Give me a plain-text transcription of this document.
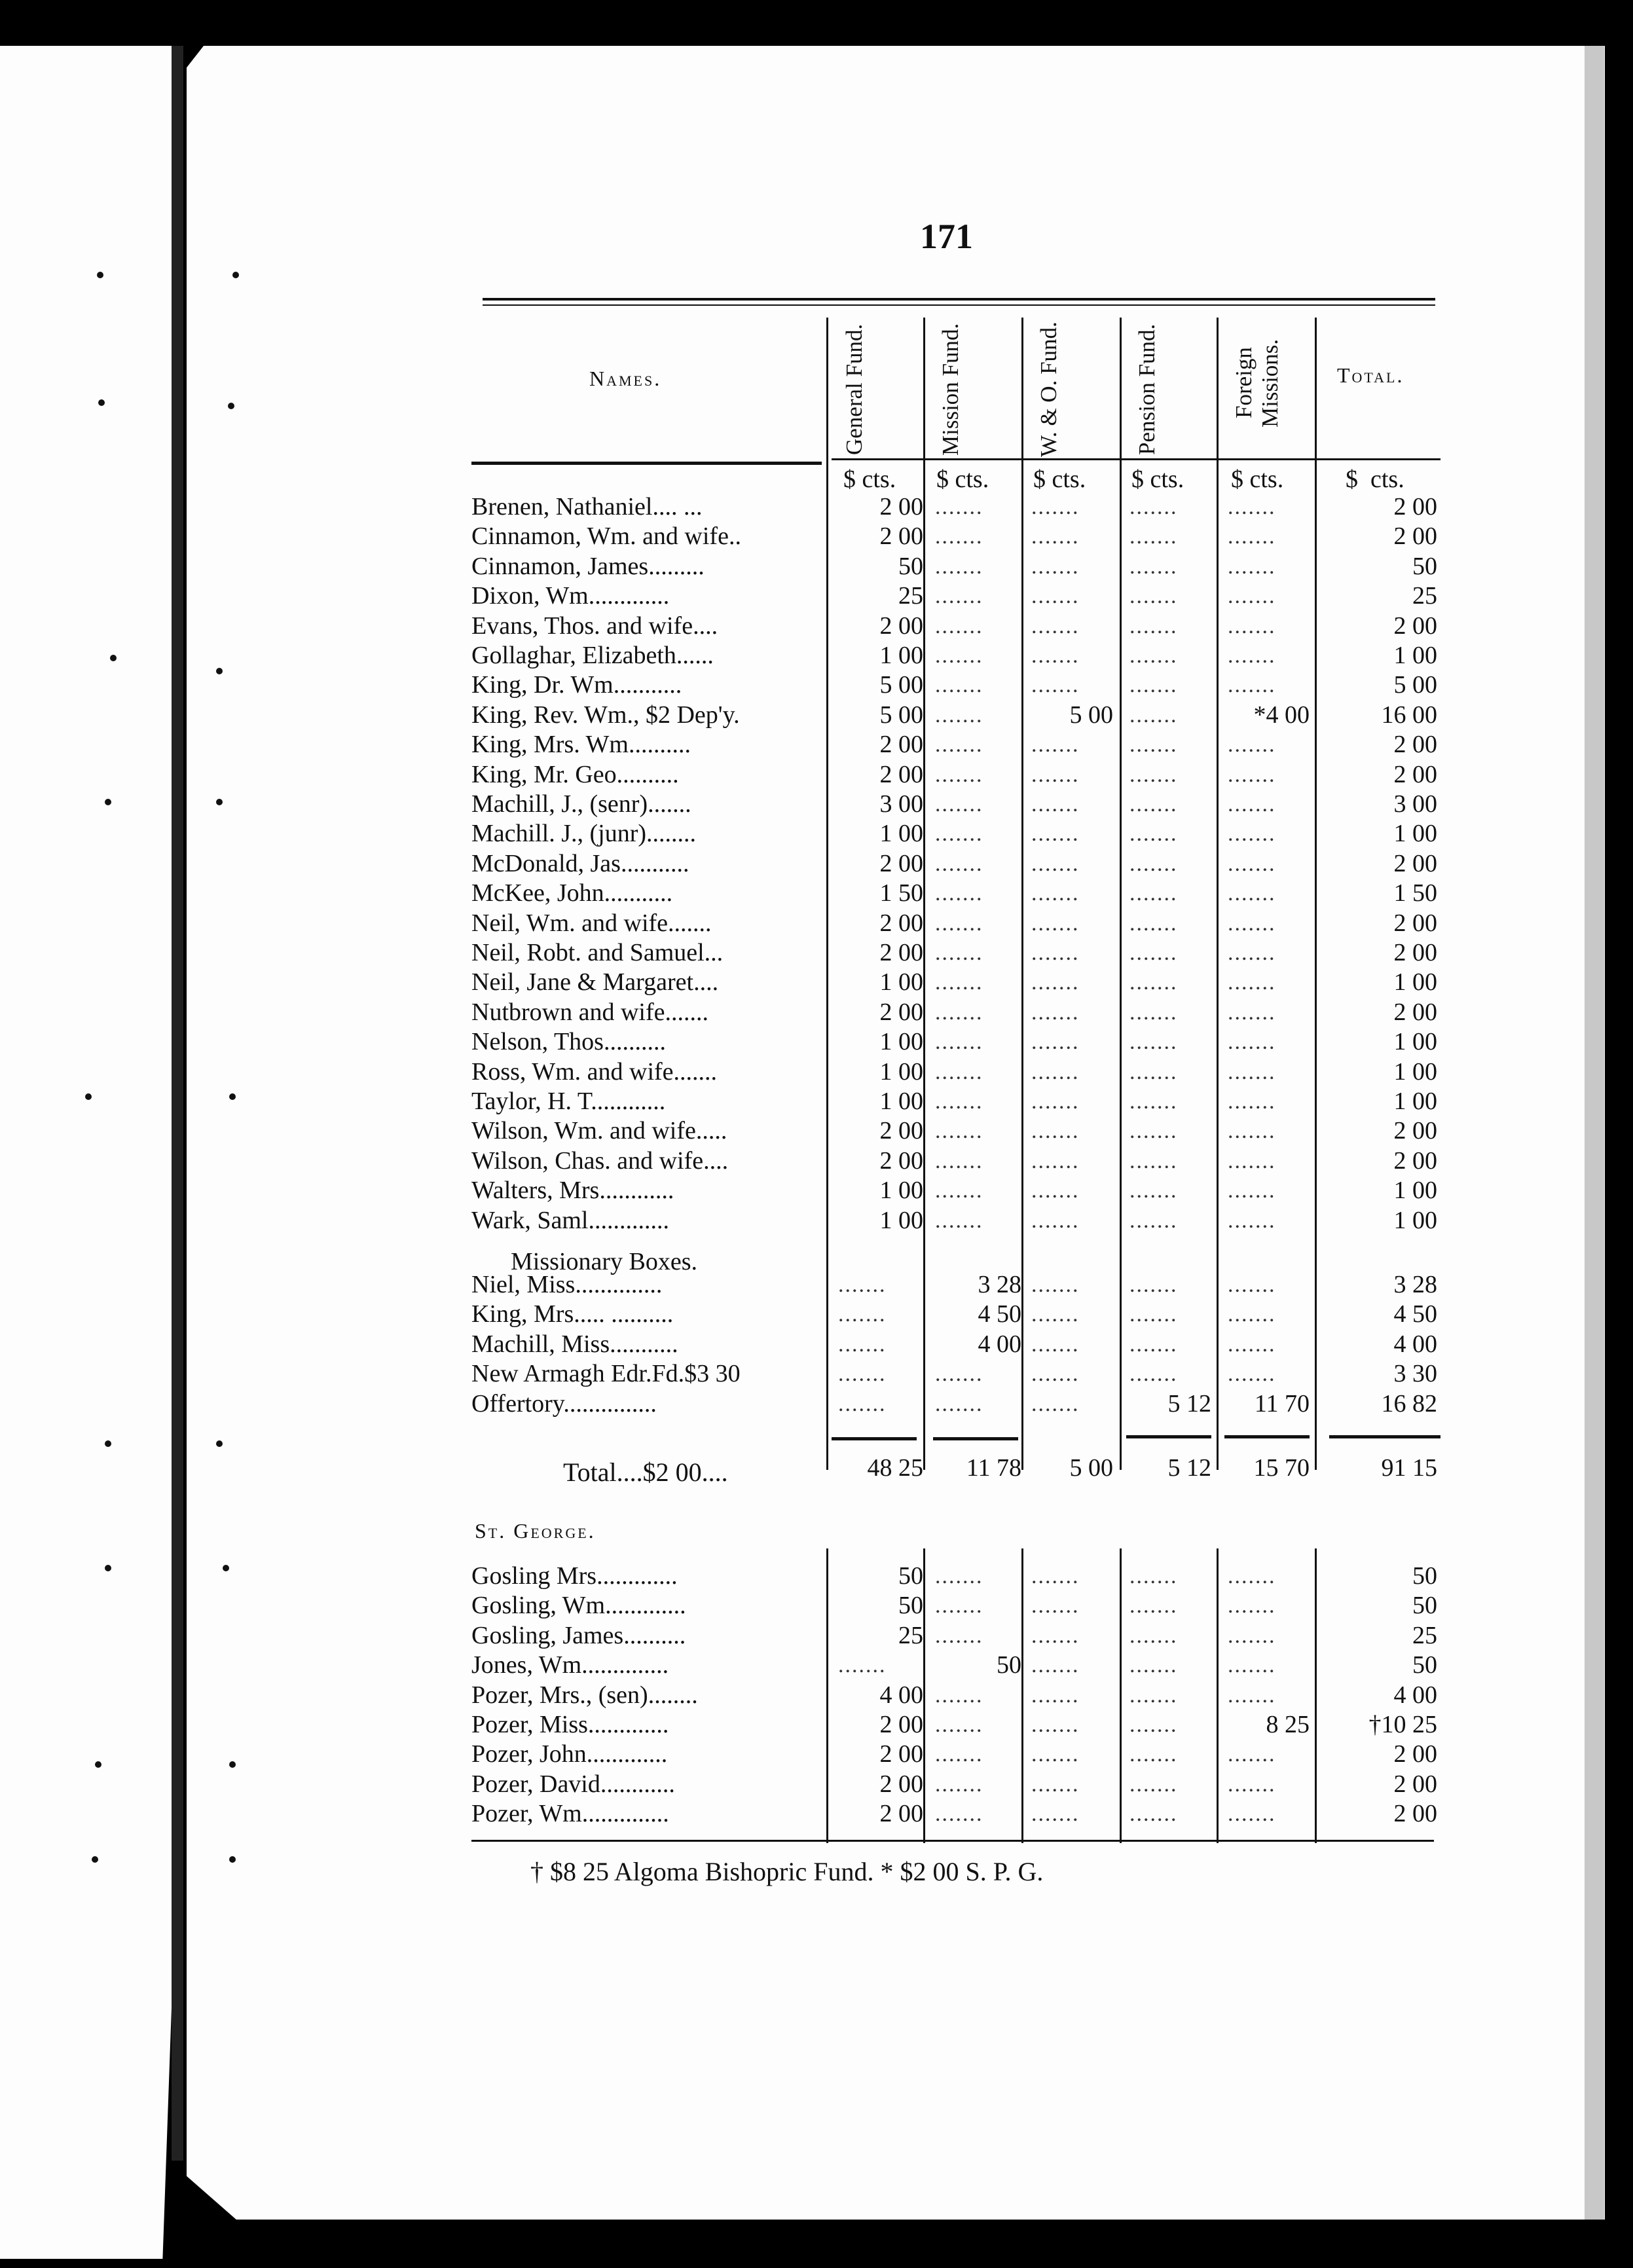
171
Names.	General Fund.	Mission Fund.	W. & O. Fund.	Pension Fund.	Foreign Missions.	Total.
$ cts. $ cts. $ cts. $ cts. $ cts. $ cts.
Brenen, Nathaniel.... ...	2 00 ....... ....... ....... .......	2 00
Cinnamon, Wm. and wife..	2 00 ....... ....... ....... .......	2 00
Cinnamon, James.........	50 ....... ....... ....... .......	50
Dixon, Wm.............	25 ....... ....... ....... .......	25
Evans, Thos. and wife....	2 00 ....... ....... ....... .......	2 00
Gollaghar, Elizabeth......	1 00 ....... ....... ....... .......	1 00
King, Dr. Wm...........	5 00 ....... ....... ....... .......	5 00
King, Rev. Wm., $2 Dep'y.	5 00 .......	5 00 .......	*4 00	16 00
King, Mrs. Wm..........	2 00 ....... ....... ....... .......	2 00
King, Mr. Geo..........	2 00 ....... ....... ....... .......	2 00
Machill, J., (senr).......	3 00 ....... ....... ....... .......	3 00
Machill. J., (junr)........	1 00 ....... ....... ....... .......	1 00
McDonald, Jas...........	2 00 ....... ....... ....... .......	2 00
McKee, John...........	1 50 ....... ....... ....... .......	1 50
Neil, Wm. and wife.......	2 00 ....... ....... ....... .......	2 00
Neil, Robt. and Samuel...	2 00 ....... ....... ....... .......	2 00
Neil, Jane & Margaret....	1 00 ....... ....... ....... .......	1 00
Nutbrown and wife.......	2 00 ....... ....... ....... .......	2 00
Nelson, Thos..........	1 00 ....... ....... ....... .......	1 00
Ross, Wm. and wife.......	1 00 ....... ....... ....... .......	1 00
Taylor, H. T............	1 00 ....... ....... ....... .......	1 00
Wilson, Wm. and wife.....	2 00 ....... ....... ....... .......	2 00
Wilson, Chas. and wife....	2 00 ....... ....... ....... .......	2 00
Walters, Mrs............	1 00 ....... ....... ....... .......	1 00
Wark, Saml.............	1 00 ....... ....... ....... .......	1 00
Missionary Boxes.
Niel, Miss..............	.......	3 28 ....... ....... .......	3 28
King, Mrs..... ..........	.......	4 50 ....... ....... .......	4 50
Machill, Miss...........	.......	4 00 ....... ....... .......	4 00
New Armagh Edr.Fd.$3 30	....... ....... ....... ....... .......	3 30
Offertory...............	....... ....... .......	5 12	11 70	16 82
Total....$2 00....	48 25	11 78	5 00	5 12	15 70	91 15
St. George.
Gosling Mrs.............	50 ....... ....... ....... .......	50
Gosling, Wm.............	50 ....... ....... ....... .......	50
Gosling, James..........	25 ....... ....... ....... .......	25
Jones, Wm..............	.......	50 ....... ....... .......	50
Pozer, Mrs., (sen)........	4 00 ....... ....... ....... .......	4 00
Pozer, Miss.............	2 00 ....... ....... .......	8 25	†10 25
Pozer, John.............	2 00 ....... ....... ....... .......	2 00
Pozer, David............	2 00 ....... ....... ....... .......	2 00
Pozer, Wm..............	2 00 ....... ....... ....... .......	2 00
† $8 25 Algoma Bishopric Fund. * $2 00 S. P. G.
